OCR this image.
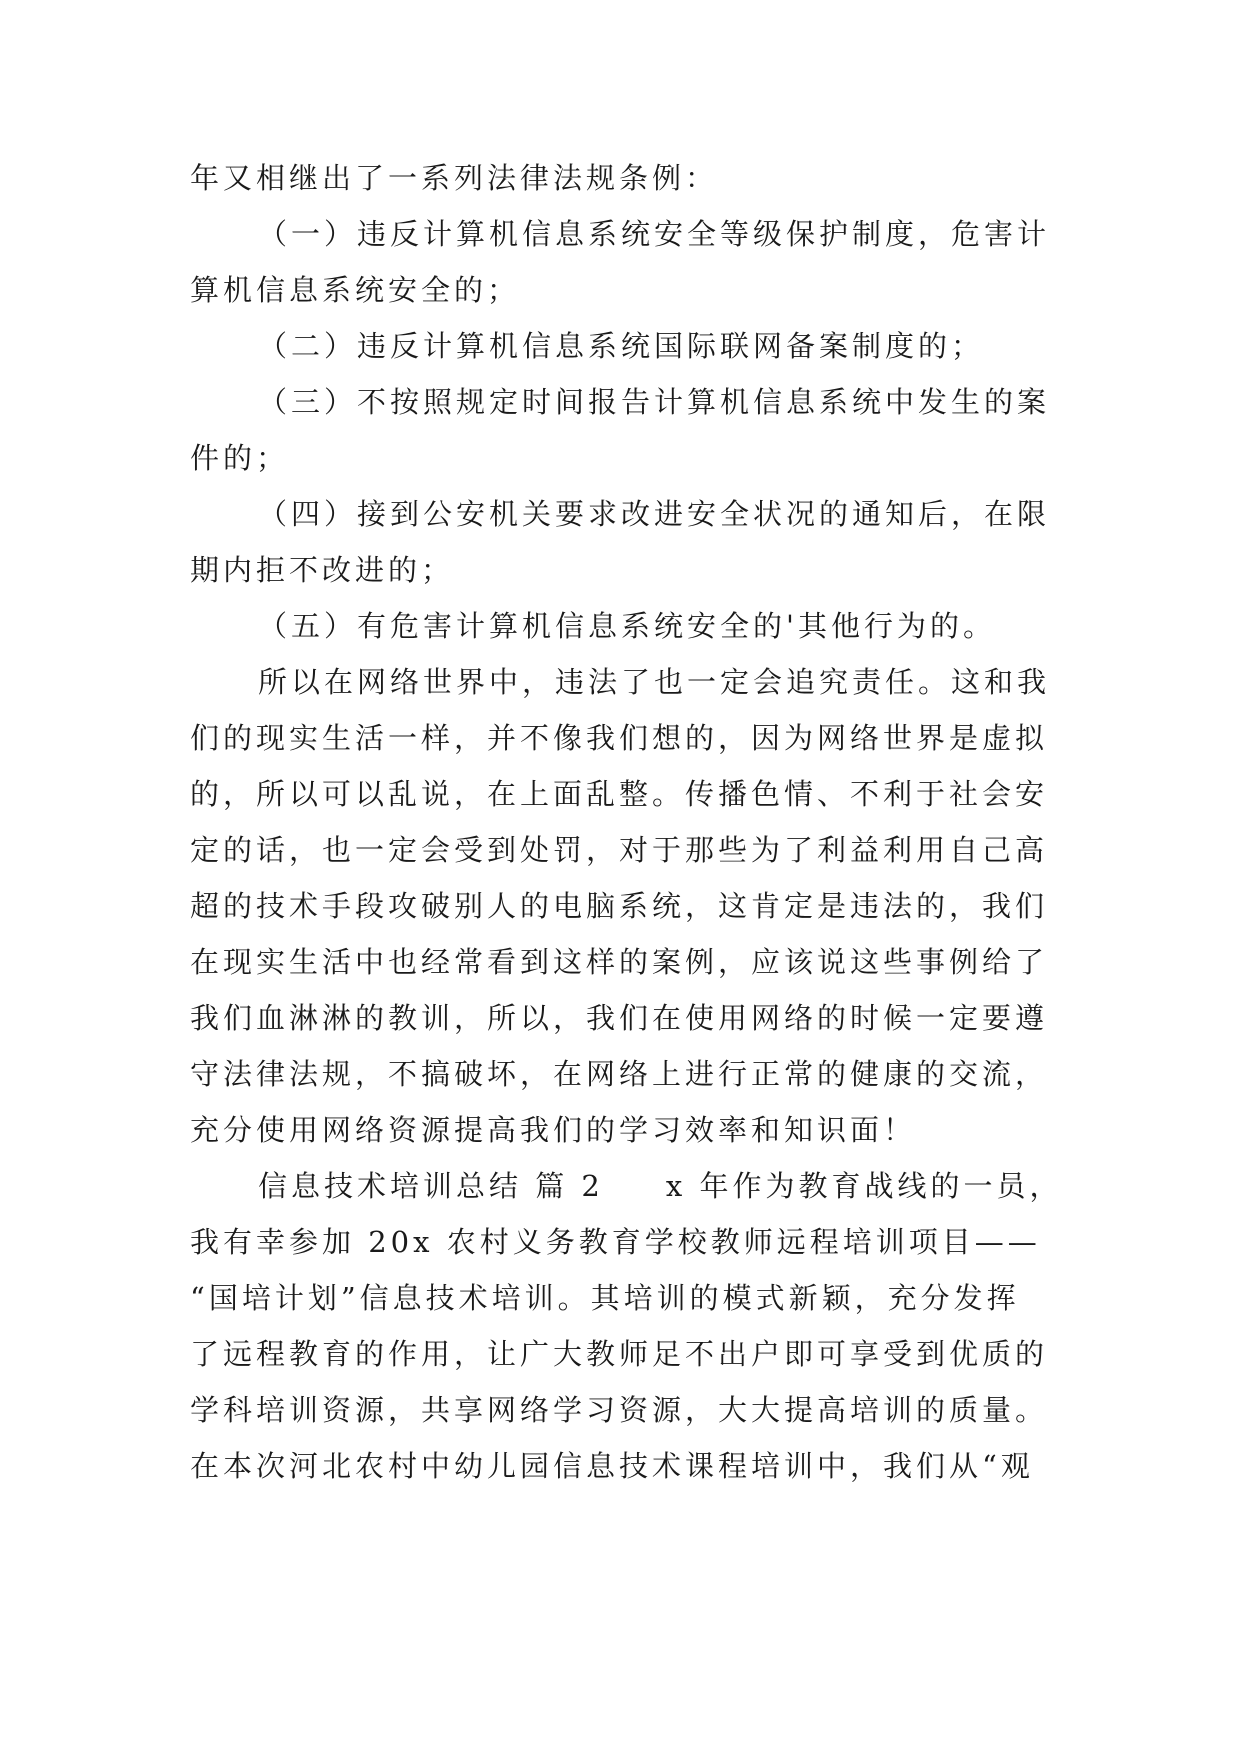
年又相继出了一系列法律法规条例：
（一）违反计算机信息系统安全等级保护制度，危害计
算机信息系统安全的；
（二）违反计算机信息系统国际联网备案制度的；
（三）不按照规定时间报告计算机信息系统中发生的案
件的；
（四）接到公安机关要求改进安全状况的通知后，在限
期内拒不改进的；
（五）有危害计算机信息系统安全的'其他行为的。
所以在网络世界中，违法了也一定会追究责任。这和我
们的现实生活一样，并不像我们想的，因为网络世界是虚拟
的，所以可以乱说，在上面乱整。传播色情、不利于社会安
定的话，也一定会受到处罚，对于那些为了利益利用自己高
超的技术手段攻破别人的电脑系统，这肯定是违法的，我们
在现实生活中也经常看到这样的案例，应该说这些事例给了
我们血淋淋的教训，所以，我们在使用网络的时候一定要遵
守法律法规，不搞破坏，在网络上进行正常的健康的交流，
充分使用网络资源提高我们的学习效率和知识面！
信息技术培训总结 篇 2 x 年作为教育战线的一员，
我有幸参加 20x 农村义务教育学校教师远程培训项目——
“国培计划”信息技术培训。其培训的模式新颖，充分发挥
了远程教育的作用，让广大教师足不出户即可享受到优质的
学科培训资源，共享网络学习资源，大大提高培训的质量。
在本次河北农村中幼儿园信息技术课程培训中，我们从“观
